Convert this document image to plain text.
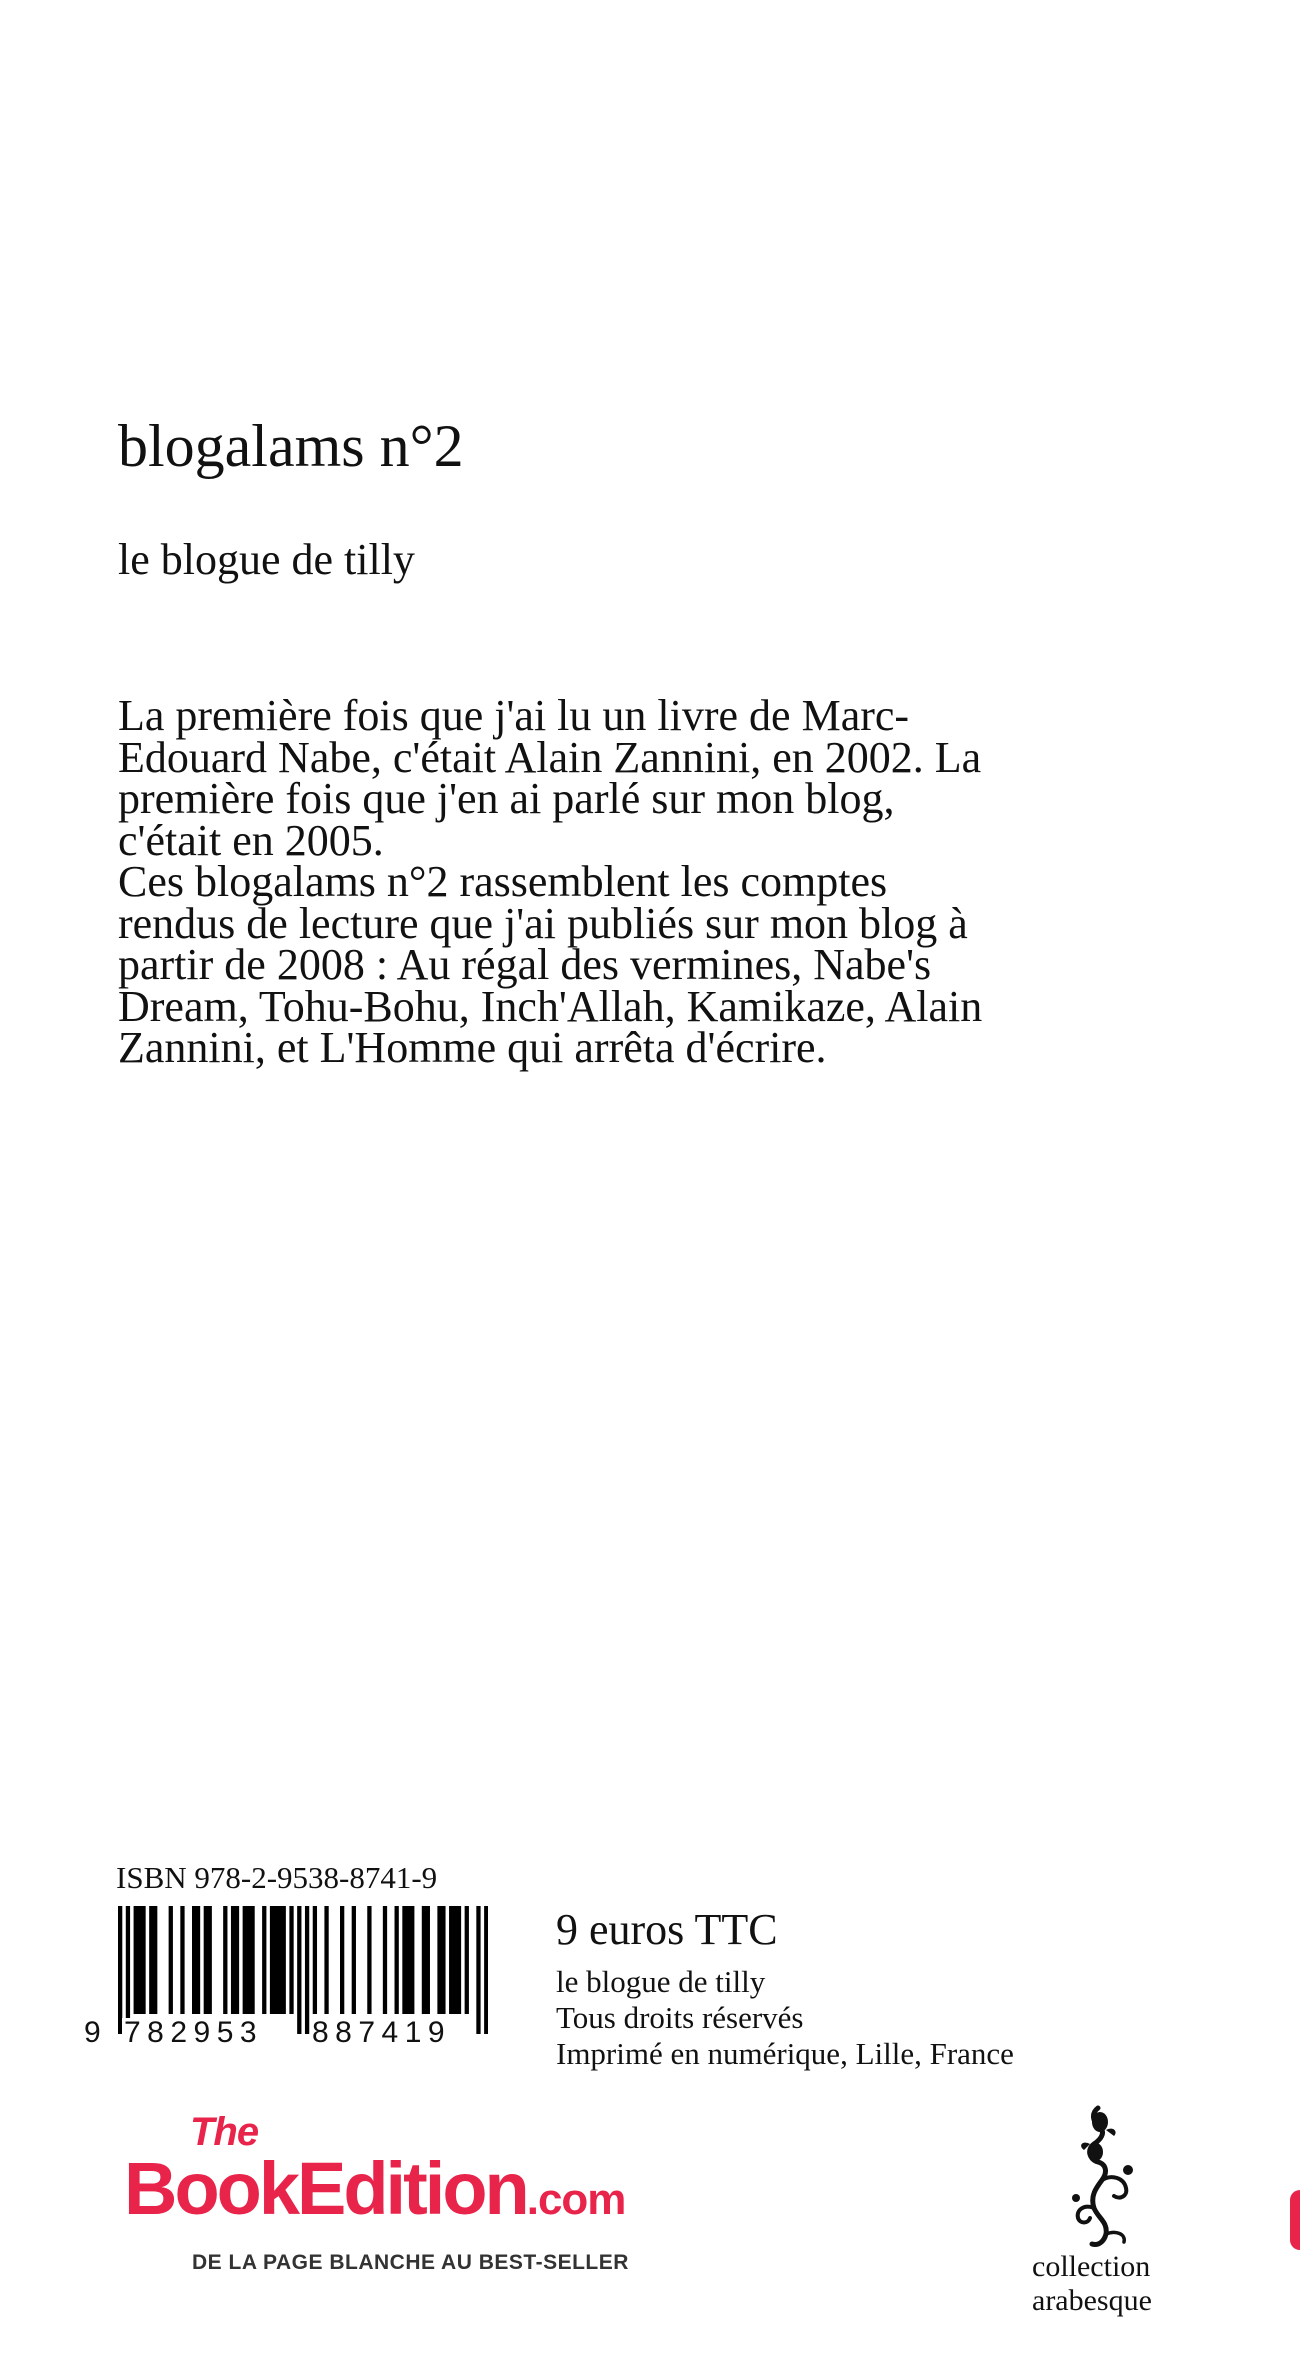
blogalams n°2
le blogue de tilly

La première fois que j'ai lu un livre de Marc-Edouard Nabe, c'était Alain Zannini, en 2002. La première fois que j'en ai parlé sur mon blog, c'était en 2005.

Ces blogalams n°2 rassemblent les comptes rendus de lecture que j'ai publiés sur mon blog à partir de 2008 : Au régal des vermines, Nabe's Dream, Tohu-Bohu, Inch'Allah, Kamikaze, Alain Zannini, et L'Homme qui arrêta d'écrire.

ISBN 978-2-9538-8741-9
9 782953 887419
9 euros TTC
le blogue de tilly
Tous droits réservés
Imprimé en numérique, Lille, France
The
BookEdition.com
DE LA PAGE BLANCHE AU BEST-SELLER	collection
arabesque
